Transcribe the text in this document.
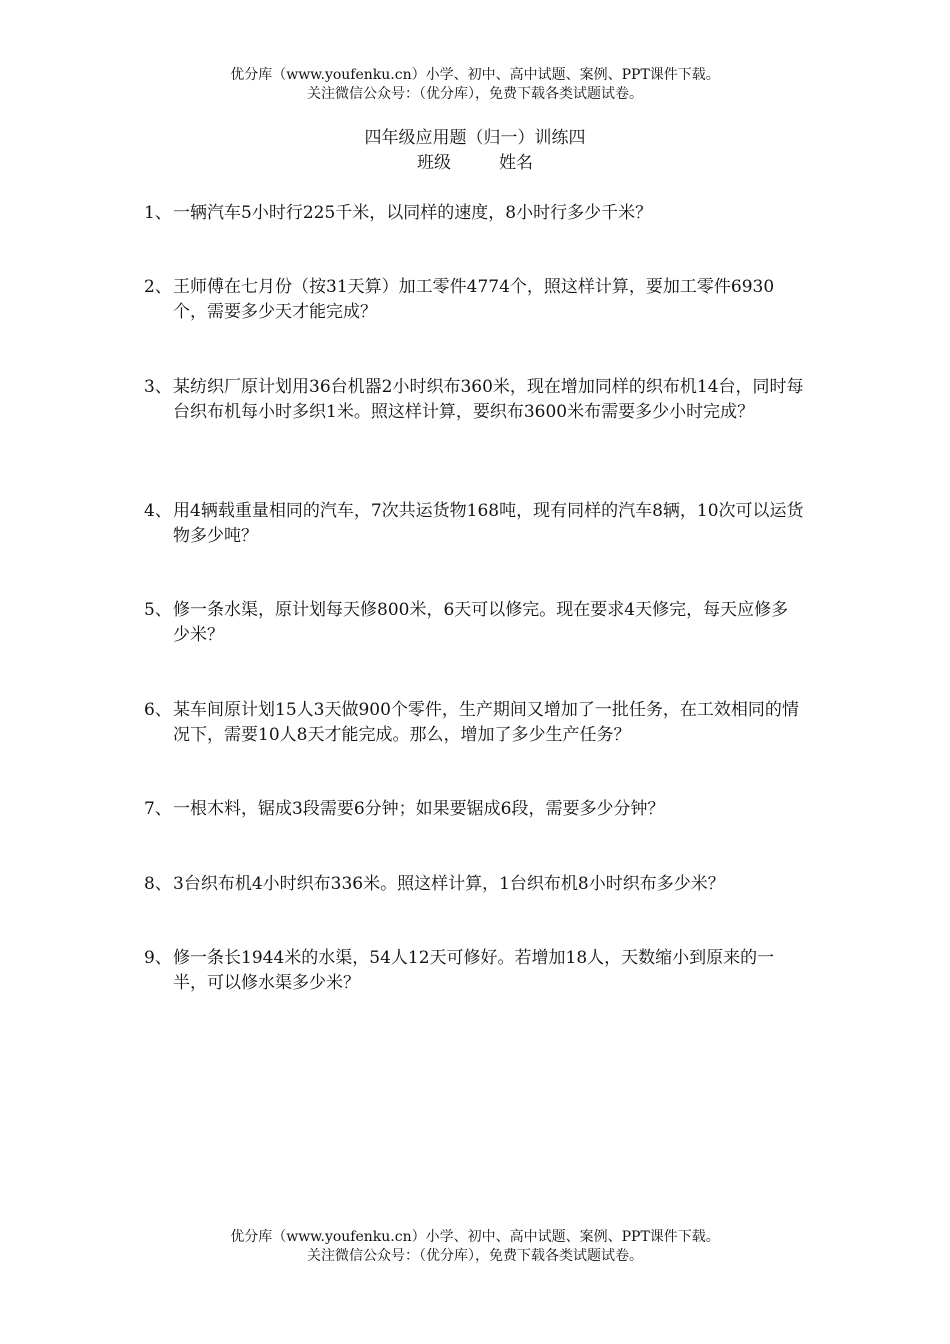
优分库（www.youfenku.cn）小学、初中、高中试题、案例、PPT课件下载。
关注微信公众号：（优分库），免费下载各类试题试卷。
四年级应用题（归一）训练四
班级	姓名
1、 一辆汽车5小时行225千米，以同样的速度，8小时行多少千米？
2、 王师傅在七月份（按31天算）加工零件4774个，照这样计算，要加工零件6930个，需要多少天才能完成？
3、 某纺织厂原计划用36台机器2小时织布360米，现在增加同样的织布机14台，同时每台织布机每小时多织1米。照这样计算，要织布3600米布需要多少小时完成？
4、 用4辆载重量相同的汽车，7次共运货物168吨，现有同样的汽车8辆，10次可以运货物多少吨？
5、 修一条水渠，原计划每天修800米，6天可以修完。现在要求4天修完，每天应修多少米？
6、 某车间原计划15人3天做900个零件，生产期间又增加了一批任务，在工效相同的情况下，需要10人8天才能完成。那么，增加了多少生产任务？
7、 一根木料，锯成3段需要6分钟；如果要锯成6段，需要多少分钟？
8、 3台织布机4小时织布336米。照这样计算，1台织布机8小时织布多少米？
9、 修一条长1944米的水渠，54人12天可修好。若增加18人，天数缩小到原来的一半，可以修水渠多少米？
优分库（www.youfenku.cn）小学、初中、高中试题、案例、PPT课件下载。
关注微信公众号：（优分库），免费下载各类试题试卷。
